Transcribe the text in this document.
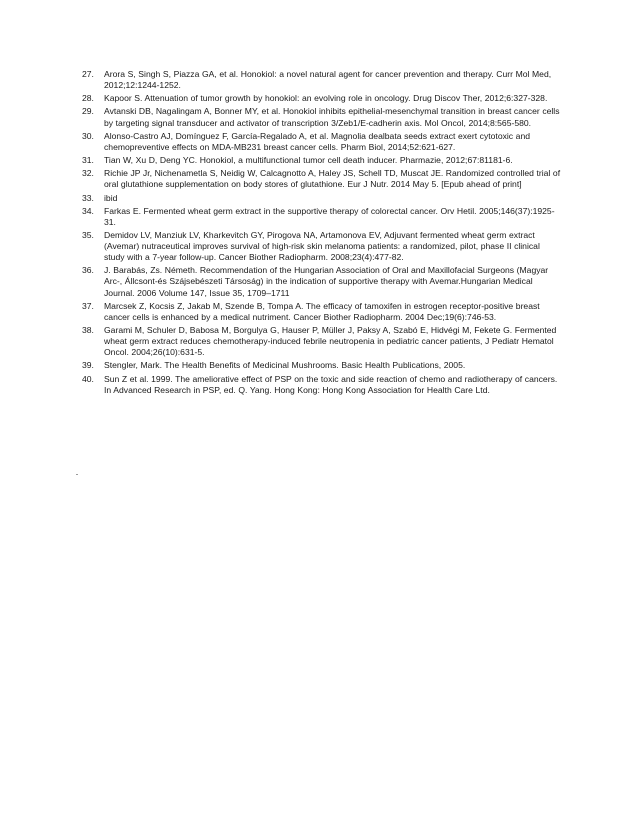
27.	Arora S, Singh S, Piazza GA, et al. Honokiol: a novel natural agent for cancer prevention and therapy. Curr Mol Med, 2012;12:1244-1252.
28.	Kapoor S. Attenuation of tumor growth by honokiol: an evolving role in oncology. Drug Discov Ther, 2012;6:327-328.
29.	Avtanski DB, Nagalingam A, Bonner MY, et al. Honokiol inhibits epithelial-mesenchymal transition in breast cancer cells by targeting signal transducer and activator of transcription 3/Zeb1/E-cadherin axis. Mol Oncol, 2014;8:565-580.
30.	Alonso-Castro AJ, Domínguez F, García-Regalado A, et al. Magnolia dealbata seeds extract exert cytotoxic and chemopreventive effects on MDA-MB231 breast cancer cells. Pharm Biol, 2014;52:621-627.
31.	Tian W, Xu D, Deng YC. Honokiol, a multifunctional tumor cell death inducer. Pharmazie, 2012;67:81181-6.
32.	Richie JP Jr, Nichenametla S, Neidig W, Calcagnotto A, Haley JS, Schell TD, Muscat JE. Randomized controlled trial of oral glutathione supplementation on body stores of glutathione. Eur J Nutr. 2014 May 5. [Epub ahead of print]
33.	ibid
34.	Farkas E. Fermented wheat germ extract in the supportive therapy of colorectal cancer. Orv Hetil. 2005;146(37):1925-31.
35.	Demidov LV, Manziuk LV, Kharkevitch GY, Pirogova NA, Artamonova EV, Adjuvant fermented wheat germ extract (Avemar) nutraceutical improves survival of high-risk skin melanoma patients: a randomized, pilot, phase II clinical study with a 7-year follow-up. Cancer Biother Radiopharm. 2008;23(4):477-82.
36.	J. Barabás, Zs. Németh. Recommendation of the Hungarian Association of Oral and Maxillofacial Surgeons (Magyar Arc-, Állcsont-és Szájsebészeti Társoság) in the indication of supportive therapy with Avemar.Hungarian Medical Journal. 2006 Volume 147, Issue 35, 1709–1711
37.	Marcsek Z, Kocsis Z, Jakab M, Szende B, Tompa A. The efficacy of tamoxifen in estrogen receptor-positive breast cancer cells is enhanced by a medical nutriment. Cancer Biother Radiopharm. 2004 Dec;19(6):746-53.
38.	Garami M, Schuler D, Babosa M, Borgulya G, Hauser P, Müller J, Paksy A, Szabó E, Hidvégi M, Fekete G. Fermented wheat germ extract reduces chemotherapy-induced febrile neutropenia in pediatric cancer patients, J Pediatr Hematol Oncol. 2004;26(10):631-5.
39.	Stengler, Mark. The Health Benefits of Medicinal Mushrooms. Basic Health Publications, 2005.
40.	Sun Z et al. 1999. The ameliorative effect of PSP on the toxic and side reaction of chemo and radiotherapy of cancers. In Advanced Research in PSP, ed. Q. Yang. Hong Kong: Hong Kong Association for Health Care Ltd.
